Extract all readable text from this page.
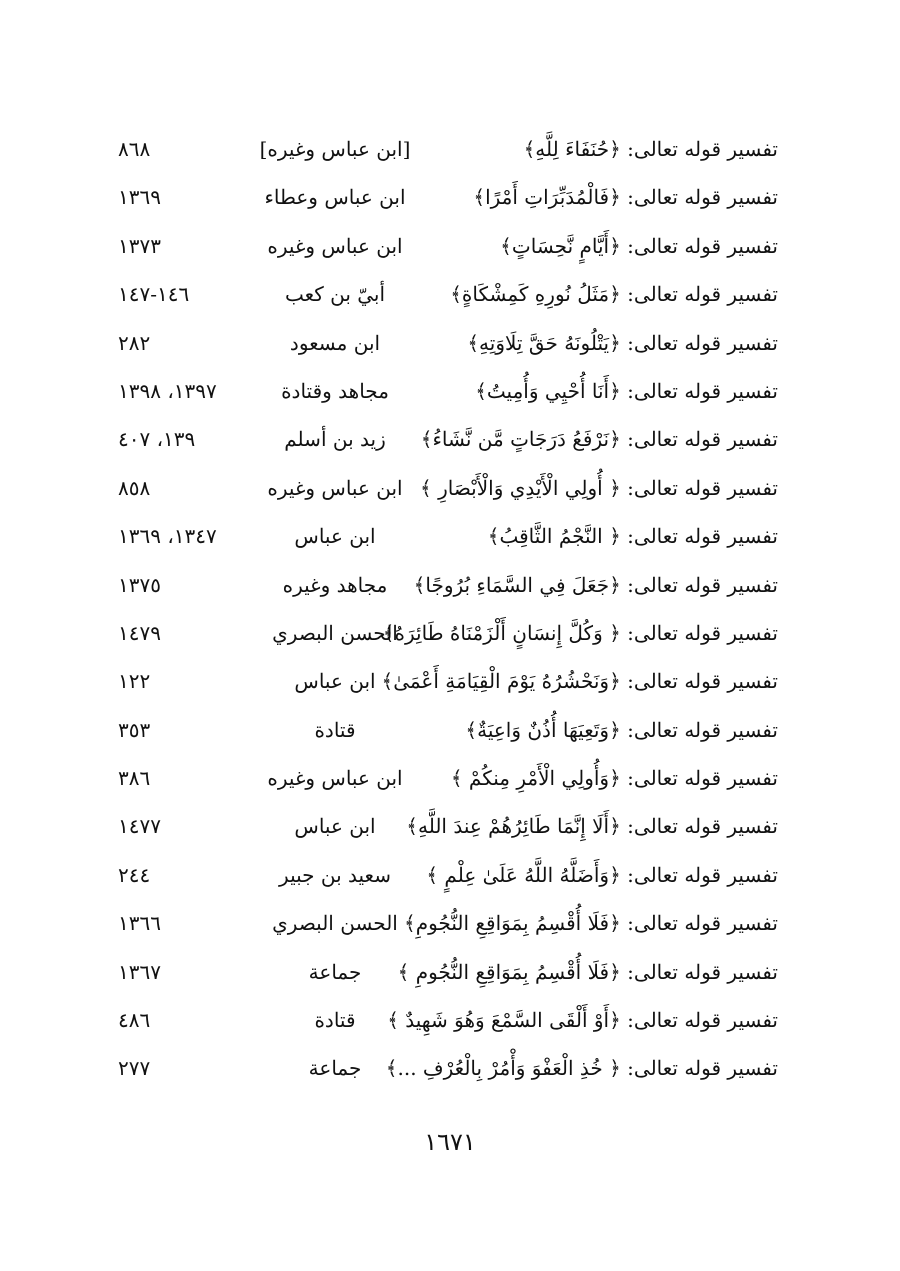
تفسير قوله تعالى: ﴿حُنَفَاءَ لِلَّهِ﴾
[ابن عباس وغيره]
٨٦٨
تفسير قوله تعالى: ﴿فَالْمُدَبِّرَاتِ أَمْرًا﴾
ابن عباس وعطاء
١٣٦٩
تفسير قوله تعالى: ﴿أَيَّامٍ نَّحِسَاتٍ﴾
ابن عباس وغيره
١٣٧٣
تفسير قوله تعالى: ﴿مَثَلُ نُورِهِ كَمِشْكَاةٍ﴾
أبيّ بن كعب
١٤٦-١٤٧
تفسير قوله تعالى: ﴿يَتْلُونَهُ حَقَّ تِلَاوَتِهِ﴾
ابن مسعود
٢٨٢
تفسير قوله تعالى: ﴿أَنَا أُحْيِي وَأُمِيتُ﴾
مجاهد وقتادة
١٣٩٧، ١٣٩٨
تفسير قوله تعالى: ﴿نَرْفَعُ دَرَجَاتٍ مَّن نَّشَاءُ﴾
زيد بن أسلم
١٣٩، ٤٠٧
تفسير قوله تعالى: ﴿ أُولِي الْأَيْدِي وَالْأَبْصَارِ ﴾
ابن عباس وغيره
٨٥٨
تفسير قوله تعالى: ﴿ النَّجْمُ الثَّاقِبُ﴾
ابن عباس
١٣٤٧، ١٣٦٩
تفسير قوله تعالى: ﴿جَعَلَ فِي السَّمَاءِ بُرُوجًا﴾
مجاهد وغيره
١٣٧٥
تفسير قوله تعالى: ﴿ وَكُلَّ إِنسَانٍ أَلْزَمْنَاهُ طَائِرَهُ﴾
الحسن البصري
١٤٧٩
تفسير قوله تعالى: ﴿وَنَحْشُرُهُ يَوْمَ الْقِيَامَةِ أَعْمَىٰ﴾
ابن عباس
١٢٢
تفسير قوله تعالى: ﴿وَتَعِيَهَا أُذُنٌ وَاعِيَةٌ﴾
قتادة
٣٥٣
تفسير قوله تعالى: ﴿وَأُولِي الْأَمْرِ مِنكُمْ ﴾
ابن عباس وغيره
٣٨٦
تفسير قوله تعالى: ﴿أَلَا إِنَّمَا طَائِرُهُمْ عِندَ اللَّهِ﴾
ابن عباس
١٤٧٧
تفسير قوله تعالى: ﴿وَأَضَلَّهُ اللَّهُ عَلَىٰ عِلْمٍ ﴾
سعيد بن جبير
٢٤٤
تفسير قوله تعالى: ﴿فَلَا أُقْسِمُ بِمَوَاقِعِ النُّجُومِ﴾
الحسن البصري
١٣٦٦
تفسير قوله تعالى: ﴿فَلَا أُقْسِمُ بِمَوَاقِعِ النُّجُومِ ﴾
جماعة
١٣٦٧
تفسير قوله تعالى: ﴿أَوْ أَلْقَى السَّمْعَ وَهُوَ شَهِيدٌ ﴾
قتادة
٤٨٦
تفسير قوله تعالى: ﴿ خُذِ الْعَفْوَ وَأْمُرْ بِالْعُرْفِ ...﴾
جماعة
٢٧٧
١٦٧١
